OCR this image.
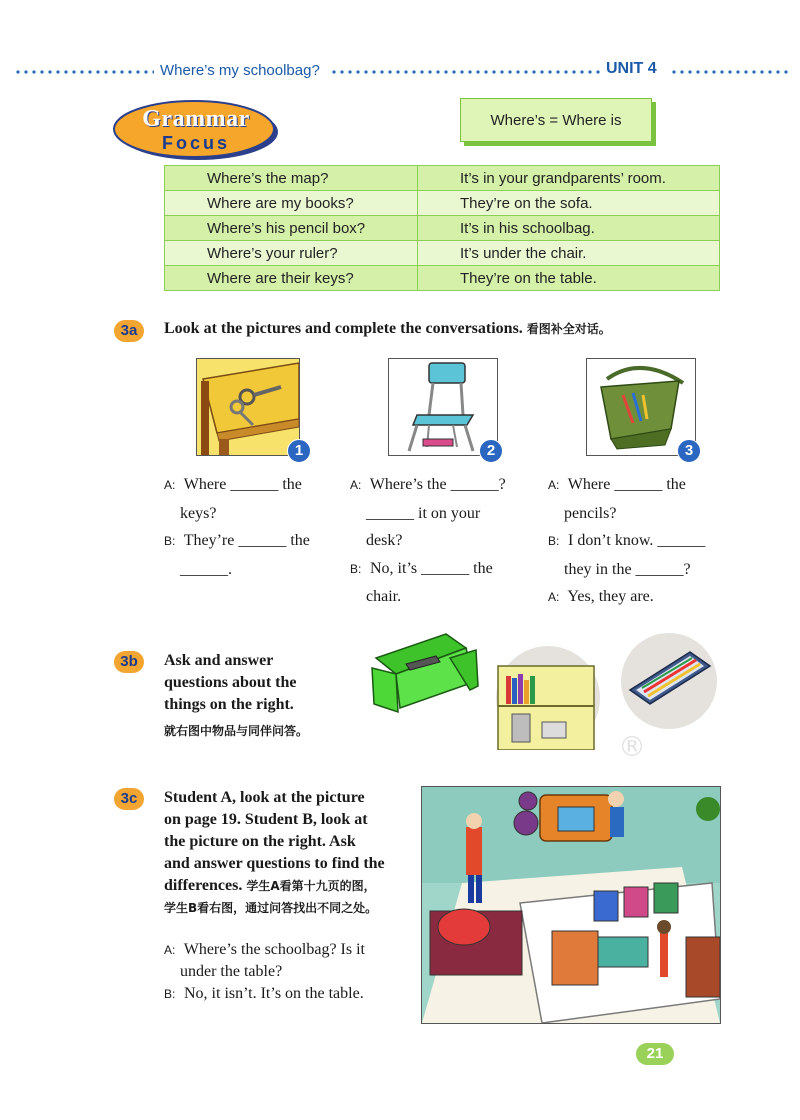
Where’s my schoolbag?	UNIT 4
Grammar
Focus
Where’s = Where is
Where’s the map?	It’s in your grandparents’ room.
Where are my books?	They’re on the sofa.
Where’s his pencil box?	It’s in his schoolbag.
Where’s your ruler?	It’s under the chair.
Where are their keys?	They’re on the table.
3a	Look at the pictures and complete the conversations. 看图补全对话。
1	2	3
A: Where ______ the
keys?
B: They’re ______ the
______.
A: Where’s the ______?
______ it on your
desk?
B: No, it’s ______ the
chair.
A: Where ______ the
pencils?
B: I don’t know. ______
they in the ______?
A: Yes, they are.
3b	Ask and answer
questions about the
things on the right.
就右图中物品与同伴问答。	®
3c	Student A, look at the picture
on page 19. Student B, look at
the picture on the right. Ask
and answer questions to find the
differences. 学生A看第十九页的图，
学生B看右图，通过问答找出不同之处。
A: Where’s the schoolbag? Is it
under the table?
B: No, it isn’t. It’s on the table.
21
